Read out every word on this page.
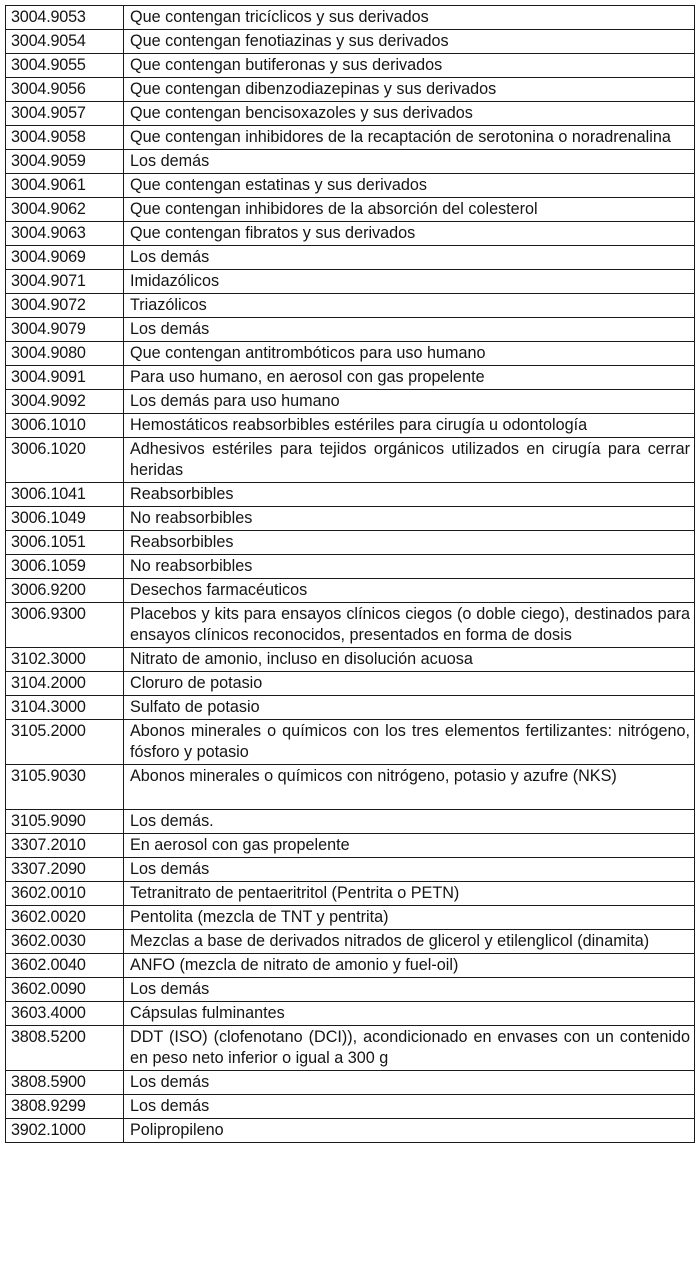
3004.9053	Que contengan tricíclicos y sus derivados
3004.9054	Que contengan fenotiazinas y sus derivados
3004.9055	Que contengan butiferonas y sus derivados
3004.9056	Que contengan dibenzodiazepinas y sus derivados
3004.9057	Que contengan bencisoxazoles y sus derivados
3004.9058	Que contengan inhibidores de la recaptación de serotonina o noradrenalina
3004.9059	Los demás
3004.9061	Que contengan estatinas y sus derivados
3004.9062	Que contengan inhibidores de la absorción del colesterol
3004.9063	Que contengan fibratos y sus derivados
3004.9069	Los demás
3004.9071	Imidazólicos
3004.9072	Triazólicos
3004.9079	Los demás
3004.9080	Que contengan antitrombóticos para uso humano
3004.9091	Para uso humano, en aerosol con gas propelente
3004.9092	Los demás para uso humano
3006.1010	Hemostáticos reabsorbibles estériles para cirugía u odontología
3006.1020	Adhesivos estériles para tejidos orgánicos utilizados en cirugía para cerrar heridas
3006.1041	Reabsorbibles
3006.1049	No reabsorbibles
3006.1051	Reabsorbibles
3006.1059	No reabsorbibles
3006.9200	Desechos farmacéuticos
3006.9300	Placebos y kits para ensayos clínicos ciegos (o doble ciego), destinados para ensayos clínicos reconocidos, presentados en forma de dosis
3102.3000	Nitrato de amonio, incluso en disolución acuosa
3104.2000	Cloruro de potasio
3104.3000	Sulfato de potasio
3105.2000	Abonos minerales o químicos con los tres elementos fertilizantes: nitrógeno, fósforo y potasio
3105.9030	Abonos minerales o químicos con nitrógeno, potasio y azufre (NKS)
3105.9090	Los demás.
3307.2010	En aerosol con gas propelente
3307.2090	Los demás
3602.0010	Tetranitrato de pentaeritritol (Pentrita o PETN)
3602.0020	Pentolita (mezcla de TNT y pentrita)
3602.0030	Mezclas a base de derivados nitrados de glicerol y etilenglicol (dinamita)
3602.0040	ANFO (mezcla de nitrato de amonio y fuel-oil)
3602.0090	Los demás
3603.4000	Cápsulas fulminantes
3808.5200	DDT (ISO) (clofenotano (DCI)), acondicionado en envases con un contenido en peso neto inferior o igual a 300 g
3808.5900	Los demás
3808.9299	Los demás
3902.1000	Polipropileno
